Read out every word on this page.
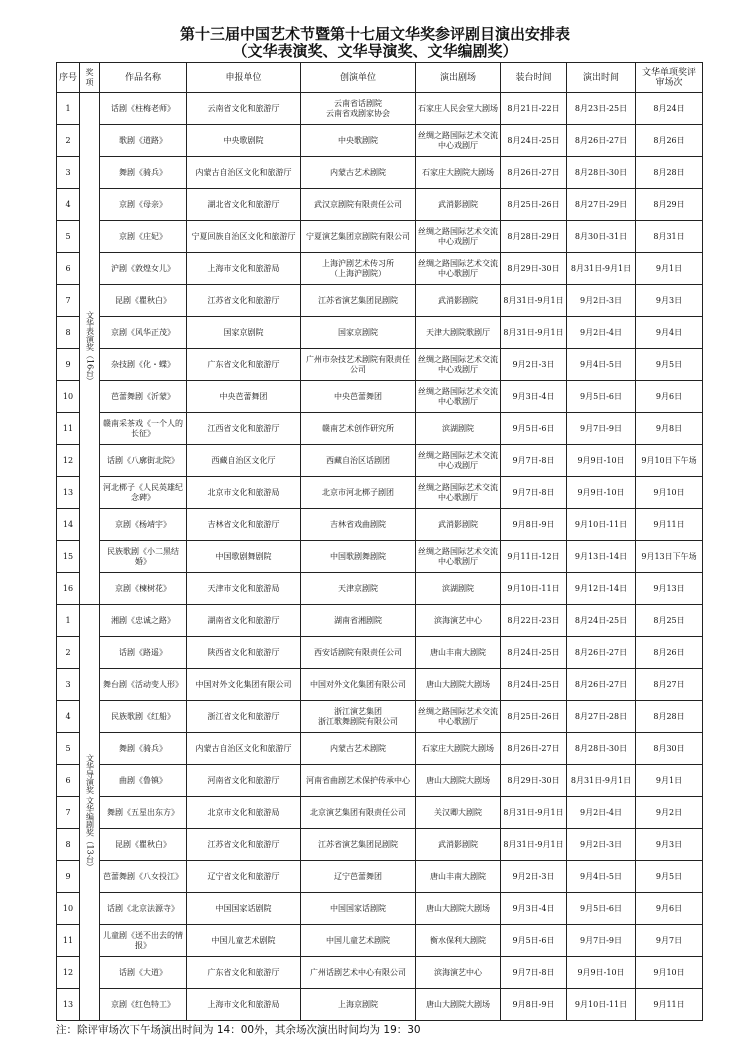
第十三届中国艺术节暨第十七届文华奖参评剧目演出安排表
（文华表演奖、文华导演奖、文华编剧奖）
序号	奖项	作品名称	申报单位	创演单位	演出剧场	装台时间	演出时间	文华单项奖评审场次
1	文华表演奖（16台）	话剧《柱梅老师》	云南省文化和旅游厅	云南省话剧院
云南省戏剧家协会	石家庄人民会堂大剧场	8月21日-22日	8月23日-25日	8月24日
2		歌剧《道路》	中央歌剧院	中央歌剧院	丝绸之路国际艺术交流中心戏剧厅	8月24日-25日	8月26日-27日	8月26日
3		舞剧《骑兵》	内蒙古自治区文化和旅游厅	内蒙古艺术剧院	石家庄大剧院大剧场	8月26日-27日	8月28日-30日	8月28日
4		京剧《母亲》	湖北省文化和旅游厅	武汉京剧院有限责任公司	武消影剧院	8月25日-26日	8月27日-29日	8月29日
5		京剧《庄妃》	宁夏回族自治区文化和旅游厅	宁夏演艺集团京剧院有限公司	丝绸之路国际艺术交流中心戏剧厅	8月28日-29日	8月30日-31日	8月31日
6		沪剧《敦煌女儿》	上海市文化和旅游局	上海沪剧艺术传习所
（上海沪剧院）	丝绸之路国际艺术交流中心歌剧厅	8月29日-30日	8月31日-9月1日	9月1日
7		昆剧《瞿秋白》	江苏省文化和旅游厅	江苏省演艺集团昆剧院	武消影剧院	8月31日-9月1日	9月2日-3日	9月3日
8		京剧《风华正茂》	国家京剧院	国家京剧院	天津大剧院歌剧厅	8月31日-9月1日	9月2日-4日	9月4日
9		杂技剧《化・蝶》	广东省文化和旅游厅	广州市杂技艺术剧院有限责任公司	丝绸之路国际艺术交流中心戏剧厅	9月2日-3日	9月4日-5日	9月5日
10		芭蕾舞剧《沂蒙》	中央芭蕾舞团	中央芭蕾舞团	丝绸之路国际艺术交流中心歌剧厅	9月3日-4日	9月5日-6日	9月6日
11		赣南采茶戏《一个人的长征》	江西省文化和旅游厅	赣南艺术创作研究所	滨湖剧院	9月5日-6日	9月7日-9日	9月8日
12		话剧《八廓街北院》	西藏自治区文化厅	西藏自治区话剧团	丝绸之路国际艺术交流中心戏剧厅	9月7日-8日	9月9日-10日	9月10日下午场
13		河北梆子《人民英雄纪念碑》	北京市文化和旅游局	北京市河北梆子剧团	丝绸之路国际艺术交流中心歌剧厅	9月7日-8日	9月9日-10日	9月10日
14		京剧《杨靖宇》	吉林省文化和旅游厅	吉林省戏曲剧院	武消影剧院	9月8日-9日	9月10日-11日	9月11日
15		民族歌剧《小二黑结婚》	中国歌剧舞剧院	中国歌剧舞剧院	丝绸之路国际艺术交流中心歌剧厅	9月11日-12日	9月13日-14日	9月13日下午场
16		京剧《楝树花》	天津市文化和旅游局	天津京剧院	滨湖剧院	9月10日-11日	9月12日-14日	9月13日
1	文华导演奖 文华编剧奖（13台）	湘剧《忠诚之路》	湖南省文化和旅游厅	湖南省湘剧院	滨海演艺中心	8月22日-23日	8月24日-25日	8月25日
2		话剧《路遥》	陕西省文化和旅游厅	西安话剧院有限责任公司	唐山丰南大剧院	8月24日-25日	8月26日-27日	8月26日
3		舞台剧《活动变人形》	中国对外文化集团有限公司	中国对外文化集团有限公司	唐山大剧院大剧场	8月24日-25日	8月26日-27日	8月27日
4		民族歌剧《红船》	浙江省文化和旅游厅	浙江演艺集团
浙江歌舞剧院有限公司	丝绸之路国际艺术交流中心歌剧厅	8月25日-26日	8月27日-28日	8月28日
5		舞剧《骑兵》	内蒙古自治区文化和旅游厅	内蒙古艺术剧院	石家庄大剧院大剧场	8月26日-27日	8月28日-30日	8月30日
6		曲剧《鲁镇》	河南省文化和旅游厅	河南省曲剧艺术保护传承中心	唐山大剧院大剧场	8月29日-30日	8月31日-9月1日	9月1日
7		舞剧《五星出东方》	北京市文化和旅游局	北京演艺集团有限责任公司	关汉卿大剧院	8月31日-9月1日	9月2日-4日	9月2日
8		昆剧《瞿秋白》	江苏省文化和旅游厅	江苏省演艺集团昆剧院	武消影剧院	8月31日-9月1日	9月2日-3日	9月3日
9		芭蕾舞剧《八女投江》	辽宁省文化和旅游厅	辽宁芭蕾舞团	唐山丰南大剧院	9月2日-3日	9月4日-5日	9月5日
10		话剧《北京法源寺》	中国国家话剧院	中国国家话剧院	唐山大剧院大剧场	9月3日-4日	9月5日-6日	9月6日
11		儿童剧《送不出去的情报》	中国儿童艺术剧院	中国儿童艺术剧院	衡水保利大剧院	9月5日-6日	9月7日-9日	9月7日
12		话剧《大道》	广东省文化和旅游厅	广州话剧艺术中心有限公司	滨海演艺中心	9月7日-8日	9月9日-10日	9月10日
13		京剧《红色特工》	上海市文化和旅游局	上海京剧院	唐山大剧院大剧场	9月8日-9日	9月10日-11日	9月11日
注：除评审场次下午场演出时间为 14：00外，其余场次演出时间均为 19：30
